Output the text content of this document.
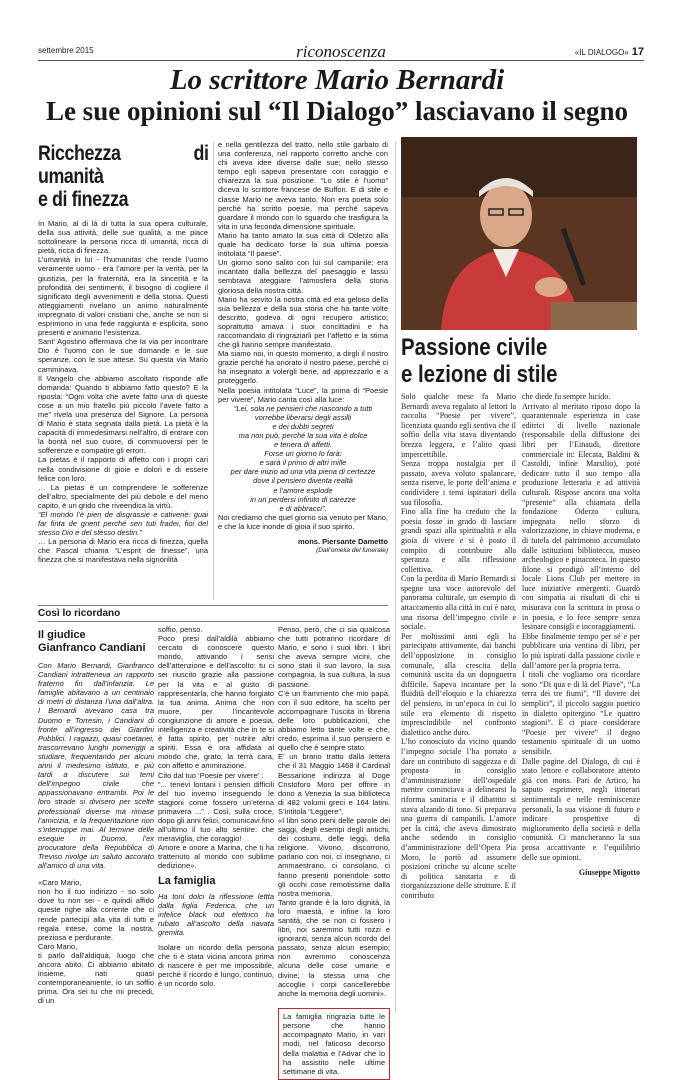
settembre 2015	riconoscenza	«IL DIALOGO» 17
Lo scrittore Mario Bernardi
Le sue opinioni sul “Il Dialogo” lasciavano il segno
Ricchezza di umanità
e di finezza

In Mario, al di là di tutta la sua opera culturale, della sua attività, delle sue qualità, a me piace sottolineare la persona ricca di umanità, ricca di pietà, ricca di finezza.

L’umanità in lui - l’humanitas che rende l’uomo veramente uomo - era l’amore per la verità, per la giustizia, per la fraternità, era la sincerità e la profondità dei sentimenti, il bisogno di cogliere il significato degli avvenimenti e della storia. Questi atteggiamenti rivelano un animo naturalmente impregnato di valori cristiani che, anche se non si esprimono in una fede raggiunta e esplicita, sono presenti e animano l’esistenza.

Sant’ Agostino affermava che la via per incontrare Dio è l’uomo con le sue domande e le sue speranze, con le sue attese. Su questa via Mario camminava.

Il Vangelo che abbiamo ascoltato risponde alle domanda: Quando ti abbiamo fatto questo? E la riposta: “Ogni volta che avete fatto una di queste cose a un mio fratello più piccolo l’avete fatto a me” rivela una presenza del Signore. La persona di Mario è stata segnata dalla pietà. La pietà è la capacità di immedesimarsi nell’altro, di entrare con la bontà nel suo cuore, di commuoversi per le sofferenze e compatire gli errori.

La pietas è il rapporto di affetto con i propri cari nella condivisione di gioie e dolori e di essere felice con loro.

… La pietas è un comprendere le sofferenze dell’altro, specialmente del più debole e del meno capito, è un grido che riveendica la virtù.

“El mondo l’è pien de disgrassie e cativerie: guai far finta de gnent perché sen tuti fradei, fioi del stesso Dio e del stesso destin.”

… La persona di Mario era ricca di finezza, quella che Pascal chiama “L’esprit de finesse”, una finezza che si manifestava nella signorilità

e nella gentilezza del tratto, nello stile garbato di una conferenza, nel rapporto corretto anche con chi aveva idee diverse dalle sue; nello stesso tempo egli sapeva presentare con coraggio e chiarezza la sua posizione. “Lo stile è l’uomo” diceva lo scrittore francese de Buffon. E di stile e classe Mario ne aveva tanto. Non era poeta solo perché ha scritto poesie, ma perché sapeva guardare il mondo con lo sguardo che trasfigura la vita in una feconda dimensione spirituale.

Mario ha tanto amato la sua città di Oderzo alla quale ha dedicato forse la sua ultima poesia intitolata “Il paese”.

Un giorno sono salito con lui sul campanile; era incantato dalla bellezza del paesaggio e lassù sembrava ateggiare l’atmosfera della storia gloriosa della nostra città.

Mario ha servito la nostra città ed era geloso della sua bellezza e della sua storia che ha tante volte descritto, godeva di ogni recupero artistico; soprattutto amava i suoi concittadini e ha raccomandato di ringraziarli per l’affetto e la stima che gli hanno sempre manifestato.

Ma siamo noi, in questo momento, a dirgli il nostro grazie perché ha onorato il nostro paese, perché ci ha insegnato a volergli bene, ad apprezzarlo e a proteggerlo.

Nella poesia intitolata “Luce”, la prima di “Poesie per vivere”, Mario canta così alla luce:

“Lei, sola ne pensieri che nascondo a tutti

vorrebbe liberarsi degli assilli

e dei dubbi segreti

ma non può, perché la sua vita è dolce

e tenera di affetti.

Forse un giorno lo farà:

e sarà il primo di altri mille

per dare inizio ad una vita piena di certezze

dove il pensiero diventa realtà

e l’amore esplode

in un perdersi infinito di carezze

e di abbracci”.

Noi crediamo che quel giorno sia venuto per Mario, e che la luce inonde di gioia il suo spirito.

mons. Piersante Dametto
(Dall’omelia del funerale)
Passione civile
e lezione di stile

Solo qualche mese fa Mario Bernardi aveva regalato al lettori la raccolta “Poesie per vivere”, licenziata quando egli sentiva che il soffio della vita stava diventando brezza leggera, e l’alito quasi impercettibile.

Senza troppa nostalgia per il passato, aveva voluto spalancare, senza riserve, le porte dell’anima e condividere i temi ispiratori della sua filosofia.

Fino alla fine ha creduto che la poesia fosse in grado di lasciare grandi spazi alla spiritualità e alla gioia di vivere e si è posto il compito di contribuire alla speranza e alla riflessione collettiva.

Con la perdita di Mario Bernardi si spegne una voce autorevole del panorama culturale, un esempio di attaccamento alla città in cui è nato, una risorsa dell’impegno civile e sociale.

Per moltissimi anni egli ha partecipato attivamente, dai banchi dell’opposizione in consiglio comunale, alla crescita della comunità uscita da un dopoguerra difficile. Sapeva incantare per la fluidità dell’eloquio e la chiarezza del pensiero, in un’epoca in cui lo stile era elemento di rispetto imprescindibile nel confronto dialettico anche duro.

L’ho conosciuto da vicino quando l’impegno sociale l’ha portato a dare un contributo di saggezza e di proposta in consiglio d’amministrazione dell’ospedale mentre cominciava a delinearsi la riforma sanitaria e il dibattito si stava alzando di tono. Si preparava una guerra di campanili. L’amore per la città, che aveva dimostrato anche sedendo in consiglio d’amministrazione dell’Opera Pia Moro, lo portò ad assumere posizioni critiche su alcune scelte di politica sanitaria e di riorganizzazione delle strutture. E il contributo

che diede fu sempre lucido.

Arrivato al meritato riposo dopo la quarantennale esperienza in case editrici di livello nazionale (responsabile della diffusione dei libri per l’Einaudi, direttore commerciale in: Elecata, Baldini & Castoldi, infine Marsilio), poté dedicare tutto il suo tempo alla produzione letteraria e ad attività culturali. Rispose ancora una volta “presente” alla chiamata della fondazione Oderzo cultura, impegnata nello sforzo di valorizzazione, in chiave moderna, e di tutela del patrimonio accumulato dalle istituzioni bibliotecca, museo archeologico e pinacoteca. In questo filone si prodigò all’interno del locale Lions Club per mettere in luce iniziative emergenti. Guardò con simpatia ai risultati di chi si misurava con la scrittura in prosa o in poesia, e lo fece sempre senza lesinare consigli e incoraggiamenti.

Ebbe finalmente tempo per sé e per pubblicare una ventina di libri, per lo più ispirati dalla passione civile e dall’amore per la propria terra.

I titoli che vogliamo ora ricordare sono “Di qua e di là del Piave”, “La terra dei tre fiumi”, “Il dovere dei semplici”, il piccolo saggio poetico in dialetto opitergino “Le quattro stagioni”. E ci piace considerare “Poesie per vivere” il degno testamento spirituale di un uomo sensibile.

Dalle pagine del Dialogo, di cui è stato lettore e collaboratore attento già con mons. Pari de Artico, ha saputo esprimere, negli itinerari sentimentali e nelle reminiscenze personali, la sua visione di futuro e indicare prospettive di miglioramento della società e della comunità. Ci mancheranno la sua prosa accattivante e l’equilibrio delle sue opinioni.

Giuseppe Migotto
Così lo ricordano
Il giudice
Gianfranco Candiani

Con Mario Bernardi, Gianfranco Candiani intratteneva un rapporto fraterno fin dall’infanzia. Le famiglie abitavano a un centinaio di metri di distanza l’una dall’altra. I Bernardi avevano casa tra Duomo e Torresin, i Candiani di fronte all’ingresso dei Giardini Pubblici. I ragazzi, quasi coetanei, trascorrevano lunghi pomeriggi a studiare, frequentando per alcuni anni il medesimo istituto, e più tardi a discutere sui temi dell’impegno civile che appassionavano entrambi. Poi le loro strade si divisero per scelte professionali diverse ma rimase l’amicizia, e la frequentazione non s’interruppe mai. Al termine delle esequie in Duomo, l’ex procuratore della Repubblica di Treviso rivolge un saluto accorato all’amico di una vita.

«Caro Mario,

non ho il tuo indirizzo - so solo dove tu non sei - e quindi affido queste righe alla corrente che ci rende partecipi alla vita di tutti e regala intese, come la nostra, preziosa e perdurante.

Caro Mario,

ti parlo dall’aldiquà, luogo che ancora abito. Ci abbiamo abitato insieme, nati quasi contemporaneamente, io un soffio prima. Ora sei tu che mi precedi, di un

soffio, penso.

Poco presi dall’aldilà abbiamo cercato di conoscere questo mondo, attivando i sensi dell’attenzione e dell’ascolto: tu ci sei riuscito grazie alla passione per la vita e al gusto di rappresentarla, che hanno forgiato la tua anima. Anima che non muore, per l’incantevole congiunzione di amore e poesia, intelligenza e creatività che in te si è fatta spirito, per nutrire altri spiriti. Essa è ora affidata al mondo che, grato, la terrà cara, con affetto e ammirazione.

Cito dal tuo ‘Poesie per vivere’ :

“... tenevi lontani i pensieri difficili del tuo inverno inseguendo le stagioni come fossero un’eterna primavera ...” . Così, sulla croce, dopo gli anni felici, comunicavi fino all’ultimo il tuo alto sentire: che meraviglia, che coraggio!

Amore e onore a Marina, che ti ha trattenuto al mondo con sublime dedizione».

La famiglia

Ha toni dolci la riflessione lettta dalla figlia Federica, che un infelice black out elettrico ha rubato all’ascolto della navata gremita.

Isolare un ricordo della persona che ti è stata vicina ancora prima di nascere è per me impossibile, perché il ricordo è lungo, continuo, è un ricordo solo.

Penso, però, che ci sia qualcosa che tutti potranno ricordare di Mario, e sono i suoi libri. I libri che aveva sempre vicini, che sono stati il suo lavoro, la sua compagnia, la sua cultura, la sua passione.

C’è un frammento che mio papà, con il suo editore, ha scelto per accompagnare l’uscita in libreria delle loro pubblicazioni, che abbiamo letto tante volte e che, credo, esprima il suo pensiero e quello che è sempre stato.

E’ un brano tratto dalla lettera che il 31 Maggio 1468 il Cardinal Bessarione indirizza al Doge Cristoforo Moro per offrire in dono a Venezia la sua biblioteca di 482 volumi greci e 164 latini. S’intitola “Leggere”.

«I libri sono pieni delle parole dei saggi, degli esempi degli antichi, dei costumi, delle leggi, della religione. Vivono, discorrono, parlano con noi, ci insegnano, ci ammaestrano, ci consolano, ci fanno presenti ponendole sotto gli occhi cose remotissime dalla nostra memoria.

Tanto grande è la loro dignità, la loro maestà, e infine la loro santità, che se non ci fossero i libri, noi saremmo tutti rozzi e ignoranti, senza alcun ricordo del passato, senza alcun esempio; non avremmo conoscenza alcuna delle cose umane e divine; la stessa urna che accoglie i corpi cancellerebbe anche la memoria degli uomini».

La famiglia ringrazia tutte le persone che hanno accompagnato Mario, in vari modi, nel faticoso decorso della malattia e l’Advar che lo ha assistito nelle ultime settimane di vita.
